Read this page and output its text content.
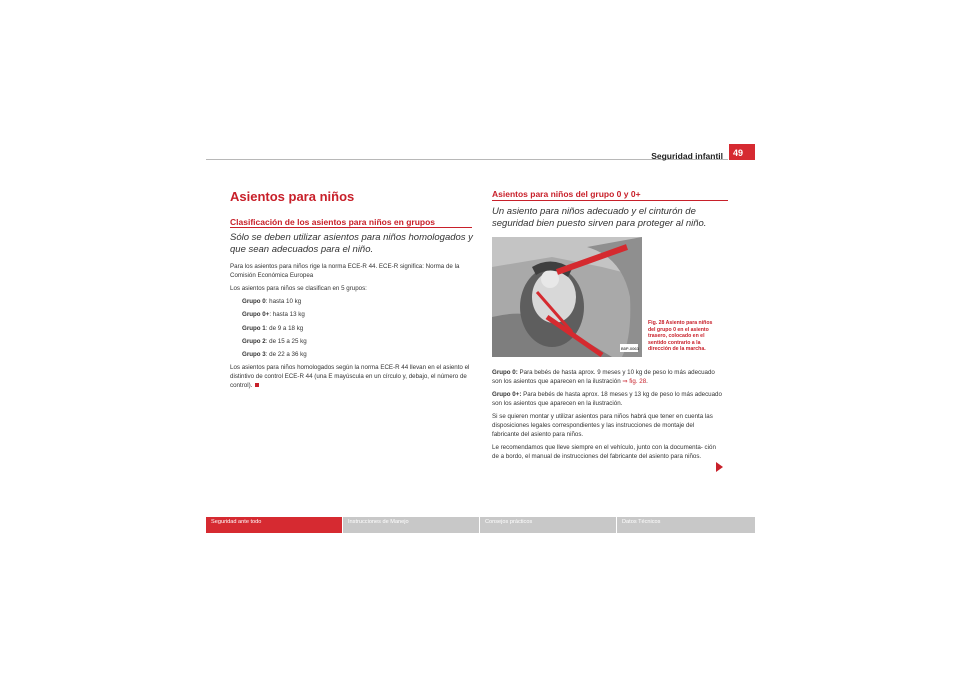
Seguridad infantil	49
Asientos para niños
Clasificación de los asientos para niños en grupos
Sólo se deben utilizar asientos para niños homologados y que sean adecuados para el niño.

Para los asientos para niños rige la norma ECE-R 44. ECE-R significa: Norma de la Comisión Económica Europea

Los asientos para niños se clasifican en 5 grupos:

Grupo 0: hasta 10 kg

Grupo 0+: hasta 13 kg

Grupo 1: de 9 a 18 kg

Grupo 2: de 15 a 25 kg

Grupo 3: de 22 a 36 kg

Los asientos para niños homologados según la norma ECE-R 44 llevan en el asiento el distintivo de control ECE-R 44 (una E mayúscula en un círculo y, debajo, el número de control).

Asientos para niños del grupo 0 y 0+
Un asiento para niños adecuado y el cinturón de seguridad bien puesto sirven para proteger al niño.
B5P-0063
Fig. 28 Asiento para niños del grupo 0 en el asiento trasero, colocado en el sentido contrario a la dirección de la marcha.

Grupo 0: Para bebés de hasta aprox. 9 meses y 10 kg de peso lo más adecuado son los asientos que aparecen en la ilustración ⇒ fig. 28.

Grupo 0+: Para bebés de hasta aprox. 18 meses y 13 kg de peso lo más adecuado son los asientos que aparecen en la ilustración.

Si se quieren montar y utilizar asientos para niños habrá que tener en cuenta las disposiciones legales correspondientes y las instrucciones de montaje del fabricante del asiento para niños.

Le recomendamos que lleve siempre en el vehículo, junto con la documenta- ción de a bordo, el manual de instrucciones del fabricante del asiento para niños.

Seguridad ante todo	Instrucciones de Manejo	Consejos prácticos	Datos Técnicos
